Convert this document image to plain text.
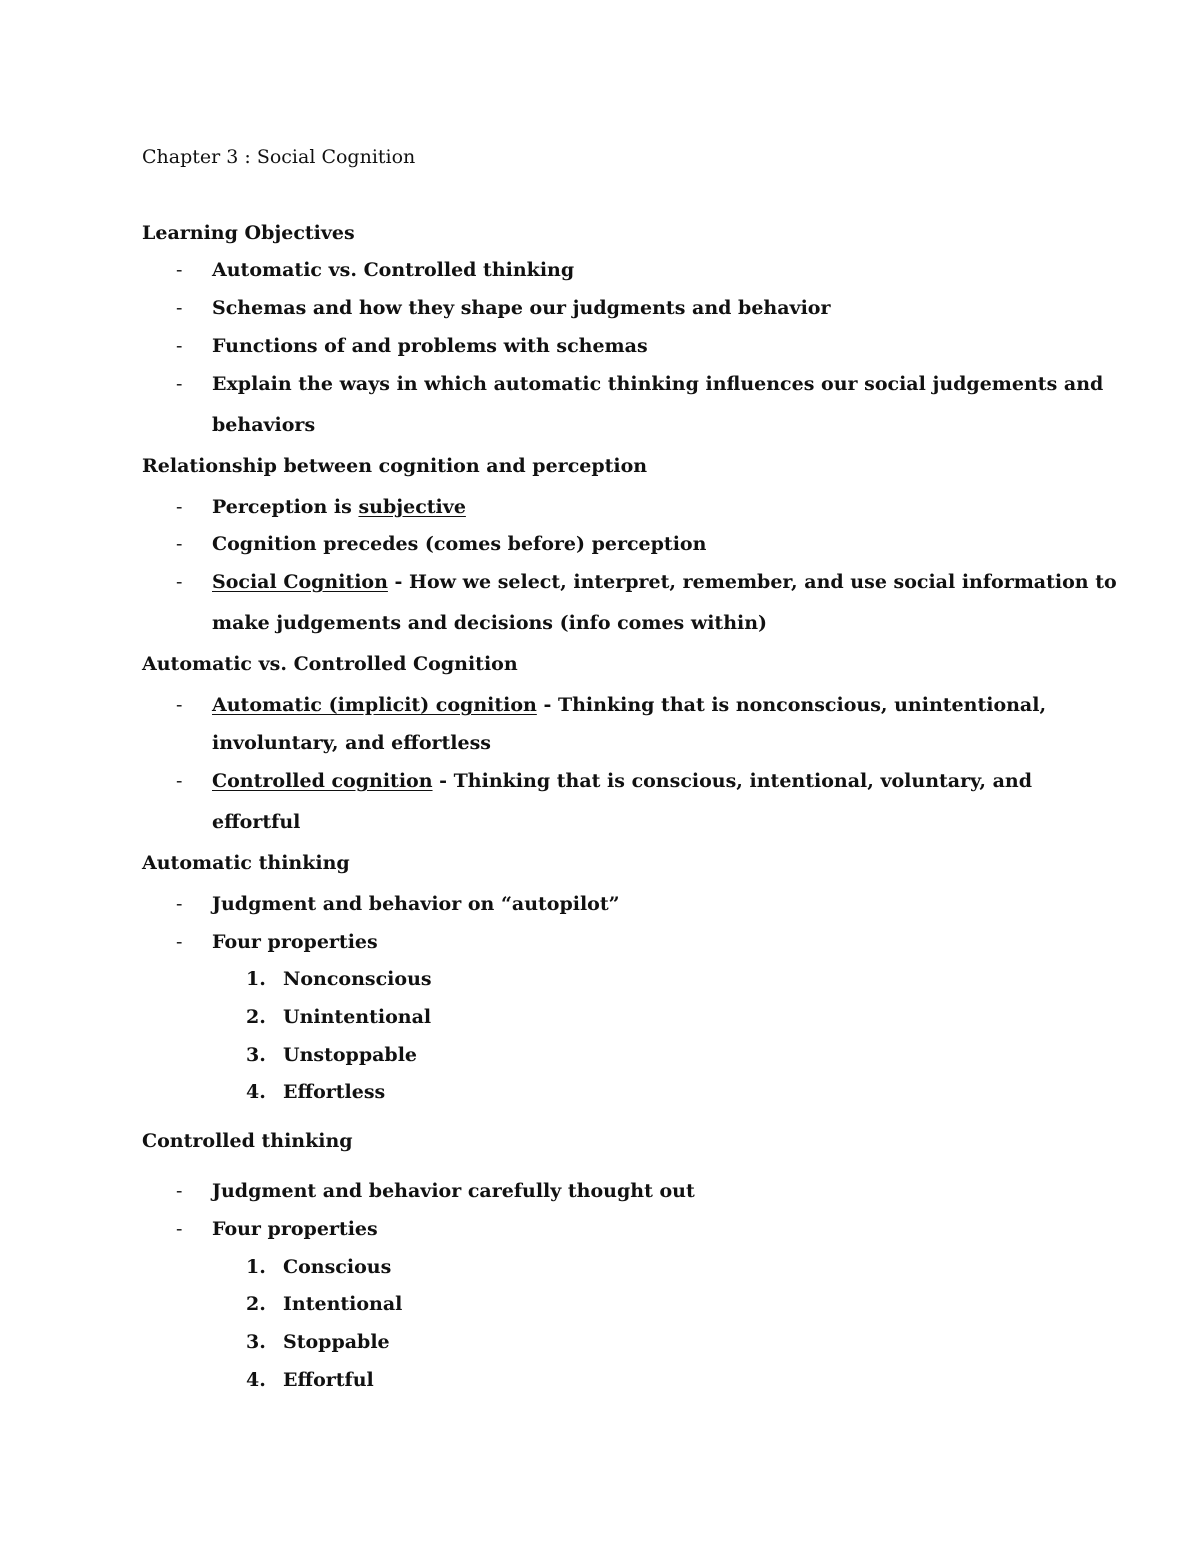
Chapter 3 : Social Cognition
Learning Objectives
- Automatic vs. Controlled thinking
- Schemas and how they shape our judgments and behavior
- Functions of and problems with schemas
- Explain the ways in which automatic thinking influences our social judgements and
behaviors
Relationship between cognition and perception
- Perception is subjective
- Cognition precedes (comes before) perception
- Social Cognition - How we select, interpret, remember, and use social information to
make judgements and decisions (info comes within)
Automatic vs. Controlled Cognition
- Automatic (implicit) cognition - Thinking that is nonconscious, unintentional,
involuntary, and effortless
- Controlled cognition - Thinking that is conscious, intentional, voluntary, and
effortful
Automatic thinking
- Judgment and behavior on “autopilot”
- Four properties
1. Nonconscious
2. Unintentional
3. Unstoppable
4. Effortless
Controlled thinking
- Judgment and behavior carefully thought out
- Four properties
1. Conscious
2. Intentional
3. Stoppable
4. Effortful
